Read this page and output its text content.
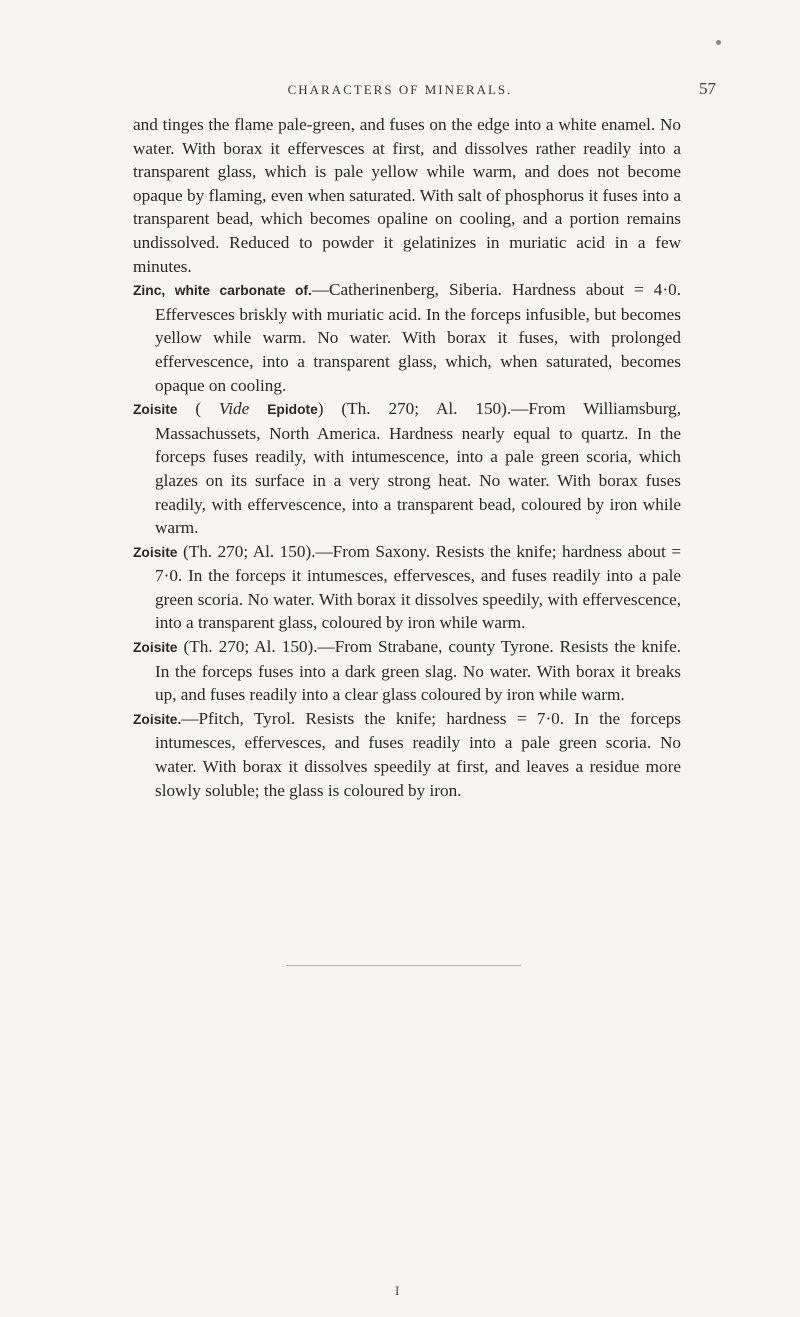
CHARACTERS OF MINERALS.	57

and tinges the flame pale-green, and fuses on the edge into a white enamel. No water. With borax it effervesces at first, and dissolves rather readily into a transparent glass, which is pale yellow while warm, and does not become opaque by flaming, even when saturated. With salt of phosphorus it fuses into a transparent bead, which becomes opaline on cooling, and a portion remains undissolved. Reduced to powder it gelatinizes in muriatic acid in a few minutes.

Zinc, white carbonate of.—Catherinenberg, Siberia. Hardness about = 4·0. Effervesces briskly with muriatic acid. In the forceps infusible, but becomes yellow while warm. No water. With borax it fuses, with prolonged effervescence, into a transparent glass, which, when saturated, becomes opaque on cooling.

Zoisite ( Vide Epidote) (Th. 270; Al. 150).—From Williamsburg, Massachussets, North America. Hardness nearly equal to quartz. In the forceps fuses readily, with intumescence, into a pale green scoria, which glazes on its surface in a very strong heat. No water. With borax fuses readily, with effervescence, into a transparent bead, coloured by iron while warm.

Zoisite (Th. 270; Al. 150).—From Saxony. Resists the knife; hardness about = 7·0. In the forceps it intumesces, effervesces, and fuses readily into a pale green scoria. No water. With borax it dissolves speedily, with effervescence, into a transparent glass, coloured by iron while warm.

Zoisite (Th. 270; Al. 150).—From Strabane, county Tyrone. Resists the knife. In the forceps fuses into a dark green slag. No water. With borax it breaks up, and fuses readily into a clear glass coloured by iron while warm.

Zoisite.—Pfitch, Tyrol. Resists the knife; hardness = 7·0. In the forceps intumesces, effervesces, and fuses readily into a pale green scoria. No water. With borax it dissolves speedily at first, and leaves a residue more slowly soluble; the glass is coloured by iron.

I
